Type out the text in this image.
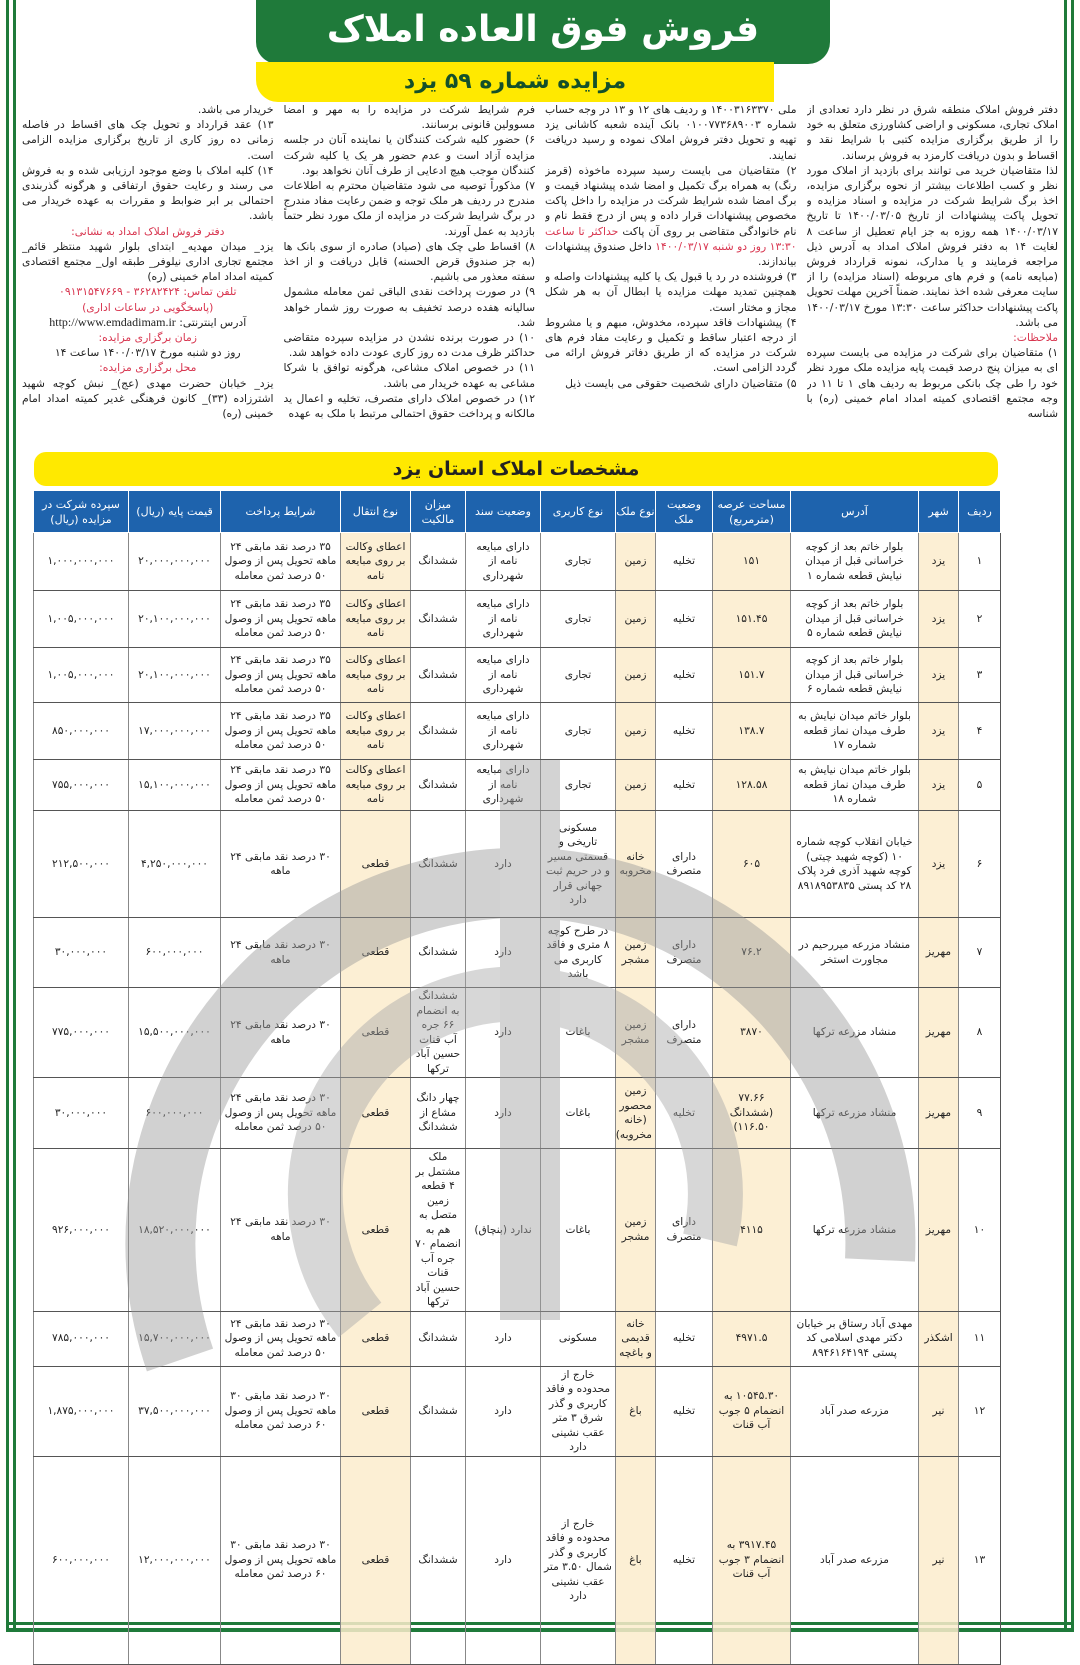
فروش فوق العاده املاک
مزایده شماره ۵۹ یزد

دفتر فروش املاک منطقه شرق در نظر دارد تعدادی از املاک تجاری، مسکونی و اراضی کشاورزی متعلق به خود را از طریق برگزاری مزایده کتبی با شرایط نقد و اقساط و بدون دریافت کارمزد به فروش برساند.

لذا متقاضیان خرید می توانند برای بازدید از املاک مورد نظر و کسب اطلاعات بیشتر از نحوه برگزاری مزایده، اخذ برگ شرایط شرکت در مزایده و اسناد مزایده و تحویل پاکت پیشنهادات از تاریخ ۱۴۰۰/۰۳/۰۵ تا تاریخ ۱۴۰۰/۰۳/۱۷ همه روزه به جز ایام تعطیل از ساعت ۸ لغایت ۱۴ به دفتر فروش املاک امداد به آدرس ذیل مراجعه فرمایند و یا مدارک، نمونه قرارداد فروش (مبایعه نامه) و فرم های مربوطه (اسناد مزایده) را از سایت معرفی شده اخذ نمایند. ضمناً آخرین مهلت تحویل پاکت پیشنهادات حداکثر ساعت ۱۳:۳۰ مورخ ۱۴۰۰/۰۳/۱۷ می باشد.

ملاحظات:

۱) متقاضیان برای شرکت در مزایده می بایست سپرده ای به میزان پنج درصد قیمت پایه مزایده ملک مورد نظر خود را طی چک بانکی مربوط به ردیف های ۱ تا ۱۱ در وجه مجتمع اقتصادی کمیته امداد امام خمینی (ره) با شناسه

ملی ۱۴۰۰۳۱۶۳۳۷۰ و ردیف های ۱۲ و ۱۳ در وجه حساب شماره ۰۱۰۰۷۷۳۶۸۹۰۰۳ بانک آینده شعبه کاشانی یزد تهیه و تحویل دفتر فروش املاک نموده و رسید دریافت نمایند.

۲) متقاضیان می بایست رسید سپرده ماخوذه (قرمز رنگ) به همراه برگ تکمیل و امضا شده پیشنهاد قیمت و برگ امضا شده شرایط شرکت در مزایده را داخل پاکت مخصوص پیشنهادات قرار داده و پس از درج فقط نام و نام خانوادگی متقاضی بر روی آن پاکت حداکثر تا ساعت ۱۳:۳۰ روز دو شنبه ۱۴۰۰/۰۳/۱۷ داخل صندوق پیشنهادات بیاندازند.

۳) فروشنده در رد یا قبول یک یا کلیه پیشنهادات واصله و همچنین تمدید مهلت مزایده یا ابطال آن به هر شکل مجاز و مختار است.

۴) پیشنهادات فاقد سپرده، مخدوش، مبهم و یا مشروط از درجه اعتبار ساقط و تکمیل و رعایت مفاد فرم های شرکت در مزایده که از طریق دفاتر فروش ارائه می گردد الزامی است.

۵) متقاضیان دارای شخصیت حقوقی می بایست ذیل

فرم شرایط شرکت در مزایده را به مهر و امضا مسوولین قانونی برسانند.

۶) حضور کلیه شرکت کنندگان یا نماینده آنان در جلسه مزایده آزاد است و عدم حضور هر یک یا کلیه شرکت کنندگان موجب هیچ ادعایی از طرف آنان نخواهد بود.

۷) مذکوراً توصیه می شود متقاضیان محترم به اطلاعات مندرج در ردیف هر ملک توجه و ضمن رعایت مفاد مندرج در برگ شرایط شرکت در مزایده از ملک مورد نظر حتماً بازدید به عمل آورند.

۸) اقساط طی چک های (صیاد) صادره از سوی بانک ها (به جز صندوق قرض الحسنه) قابل دریافت و از اخذ سفته معذور می باشیم.

۹) در صورت پرداخت نقدی الباقی ثمن معامله مشمول سالیانه هفده درصد تخفیف به صورت روز شمار خواهد شد.

۱۰) در صورت برنده نشدن در مزایده سپرده متقاضی حداکثر ظرف مدت ده روز کاری عودت داده خواهد شد.

۱۱) در خصوص املاک مشاعی، هرگونه توافق با شرکا مشاعی به عهده خریدار می باشد.

۱۲) در خصوص املاک دارای متصرف، تخلیه و اعمال ید مالکانه و پرداخت حقوق احتمالی مرتبط با ملک به عهده

خریدار می باشد.

۱۳) عقد قرارداد و تحویل چک های اقساط در فاصله زمانی ده روز کاری از تاریخ برگزاری مزایده الزامی است.

۱۴) کلیه املاک با وضع موجود ارزیابی شده و به فروش می رسند و رعایت حقوق ارتفاقی و هرگونه گذربندی احتمالی بر ابر ضوابط و مقررات به عهده خریدار می باشد.

دفتر فروش املاک امداد به نشانی:

یزد_ میدان مهدیه_ ابتدای بلوار شهید منتظر قائم_ مجتمع تجاری اداری نیلوفر_ طبقه اول_ مجتمع اقتصادی کمیته امداد امام خمینی (ره)

تلفن تماس: ۳۶۲۸۲۴۲۴ - ۰۹۱۳۱۵۴۷۶۶۹

(پاسخگویی در ساعات اداری)

آدرس اینترنتی: http://www.emdadimam.ir

زمان برگزاری مزایده:

روز دو شنبه مورخ ۱۴۰۰/۰۳/۱۷ ساعت ۱۴

محل برگزاری مزایده:

یزد_ خیابان حضرت مهدی (عج)_ نبش کوچه شهید اشترزاده (۳۳)_ کانون فرهنگی غدیر کمیته امداد امام خمینی (ره)

مشخصات املاک استان یزد
ردیف	شهر	آدرس	مساحت عرصه (مترمربع)	وضعیت ملک	نوع ملک	نوع کاربری	وضعیت سند	میزان مالکیت	نوع انتقال	شرایط پرداخت	قیمت پایه (ریال)	سپرده شرکت در مزایده (ریال)
۱	یزد	بلوار خاتم بعد از کوچه خراسانی قبل از میدان نیایش قطعه شماره ۱	۱۵۱	تخلیه	زمین	تجاری	دارای مبایعه نامه از شهرداری	ششدانگ	اعطای وکالت بر روی مبایعه نامه	۳۵ درصد نقد مابقی ۲۴ ماهه تحویل پس از وصول ۵۰ درصد ثمن معامله	۲۰,۰۰۰,۰۰۰,۰۰۰	۱,۰۰۰,۰۰۰,۰۰۰
۲	یزد	بلوار خاتم بعد از کوچه خراسانی قبل از میدان نیایش قطعه شماره ۵	۱۵۱.۴۵	تخلیه	زمین	تجاری	دارای مبایعه نامه از شهرداری	ششدانگ	اعطای وکالت بر روی مبایعه نامه	۳۵ درصد نقد مابقی ۲۴ ماهه تحویل پس از وصول ۵۰ درصد ثمن معامله	۲۰,۱۰۰,۰۰۰,۰۰۰	۱,۰۰۵,۰۰۰,۰۰۰
۳	یزد	بلوار خاتم بعد از کوچه خراسانی قبل از میدان نیایش قطعه شماره ۶	۱۵۱.۷	تخلیه	زمین	تجاری	دارای مبایعه نامه از شهرداری	ششدانگ	اعطای وکالت بر روی مبایعه نامه	۳۵ درصد نقد مابقی ۲۴ ماهه تحویل پس از وصول ۵۰ درصد ثمن معامله	۲۰,۱۰۰,۰۰۰,۰۰۰	۱,۰۰۵,۰۰۰,۰۰۰
۴	یزد	بلوار خاتم میدان نیایش به طرف میدان نماز قطعه شماره ۱۷	۱۳۸.۷	تخلیه	زمین	تجاری	دارای مبایعه نامه از شهرداری	ششدانگ	اعطای وکالت بر روی مبایعه نامه	۳۵ درصد نقد مابقی ۲۴ ماهه تحویل پس از وصول ۵۰ درصد ثمن معامله	۱۷,۰۰۰,۰۰۰,۰۰۰	۸۵۰,۰۰۰,۰۰۰
۵	یزد	بلوار خاتم میدان نیایش به طرف میدان نماز قطعه شماره ۱۸	۱۲۸.۵۸	تخلیه	زمین	تجاری	دارای مبایعه نامه از شهرداری	ششدانگ	اعطای وکالت بر روی مبایعه نامه	۳۵ درصد نقد مابقی ۲۴ ماهه تحویل پس از وصول ۵۰ درصد ثمن معامله	۱۵,۱۰۰,۰۰۰,۰۰۰	۷۵۵,۰۰۰,۰۰۰
۶	یزد	خیابان انقلاب کوچه شماره ۱۰ (کوچه شهید چیتی) کوچه شهید آذری فرد پلاک ۲۸ کد پستی ۸۹۱۸۹۵۳۸۳۵	۶۰۵	دارای متصرف	خانه مخروبه	مسکونی تاریخی و قسمتی مسیر و در حریم ثبت جهانی قرار دارد	دارد	ششدانگ	قطعی	۳۰ درصد نقد مابقی ۲۴ ماهه	۴,۲۵۰,۰۰۰,۰۰۰	۲۱۲,۵۰۰,۰۰۰
۷	مهریز	منشاد مزرعه میررحیم در مجاورت استخر	۷۶.۲	دارای متصرف	زمین مشجر	در طرح کوچه ۸ متری و فاقد کاربری می باشد	دارد	ششدانگ	قطعی	۳۰ درصد نقد مابقی ۲۴ ماهه	۶۰۰,۰۰۰,۰۰۰	۳۰,۰۰۰,۰۰۰
۸	مهریز	منشاد مزرعه ترکها	۳۸۷۰	دارای متصرف	زمین مشجر	باغات	دارد	ششدانگ به انضمام ۶۶ جره آب قنات حسین آباد ترکها	قطعی	۳۰ درصد نقد مابقی ۲۴ ماهه	۱۵,۵۰۰,۰۰۰,۰۰۰	۷۷۵,۰۰۰,۰۰۰
۹	مهریز	منشاد مزرعه ترکها	۷۷.۶۶ (ششدانگ ۱۱۶.۵۰)	تخلیه	زمین محصور (خانه مخروبه)	باغات	دارد	چهار دانگ مشاع از ششدانگ	قطعی	۳۰ درصد نقد مابقی ۲۴ ماهه تحویل پس از وصول ۵۰ درصد ثمن معامله	۶۰۰,۰۰۰,۰۰۰	۳۰,۰۰۰,۰۰۰
۱۰	مهریز	منشاد مزرعه ترکها	۴۱۱۵	دارای متصرف	زمین مشجر	باغات	ندارد (بنچاق)	ملک مشتمل بر ۴ قطعه زمین متصل به هم به انضمام ۷۰ جره آب قنات حسین آباد ترکها	قطعی	۳۰ درصد نقد مابقی ۲۴ ماهه	۱۸,۵۲۰,۰۰۰,۰۰۰	۹۲۶,۰۰۰,۰۰۰
۱۱	اشکذر	مهدی آباد رستاق بر خیابان دکتر مهدی اسلامی کد پستی ۸۹۴۶۱۶۴۱۹۴	۴۹۷۱.۵	تخلیه	خانه قدیمی و باغچه	مسکونی	دارد	ششدانگ	قطعی	۳۰ درصد نقد مابقی ۲۴ ماهه تحویل پس از وصول ۵۰ درصد ثمن معامله	۱۵,۷۰۰,۰۰۰,۰۰۰	۷۸۵,۰۰۰,۰۰۰
۱۲	نیر	مزرعه صدر آباد	۱۰۵۴۵.۳۰ به انضمام ۵ جوب آب قنات	تخلیه	باغ	خارج از محدوده و فاقد کاربری و گذر شرق ۳ متر عقب نشینی دارد	دارد	ششدانگ	قطعی	۳۰ درصد نقد مابقی ۳۰ ماهه تحویل پس از وصول ۶۰ درصد ثمن معامله	۳۷,۵۰۰,۰۰۰,۰۰۰	۱,۸۷۵,۰۰۰,۰۰۰
۱۳	نیر	مزرعه صدر آباد	۳۹۱۷.۴۵ به انضمام ۳ جوب آب قنات	تخلیه	باغ	خارج از محدوده و فاقد کاربری و گذر شمال ۳.۵۰ متر عقب نشینی دارد	دارد	ششدانگ	قطعی	۳۰ درصد نقد مابقی ۳۰ ماهه تحویل پس از وصول ۶۰ درصد ثمن معامله	۱۲,۰۰۰,۰۰۰,۰۰۰	۶۰۰,۰۰۰,۰۰۰
